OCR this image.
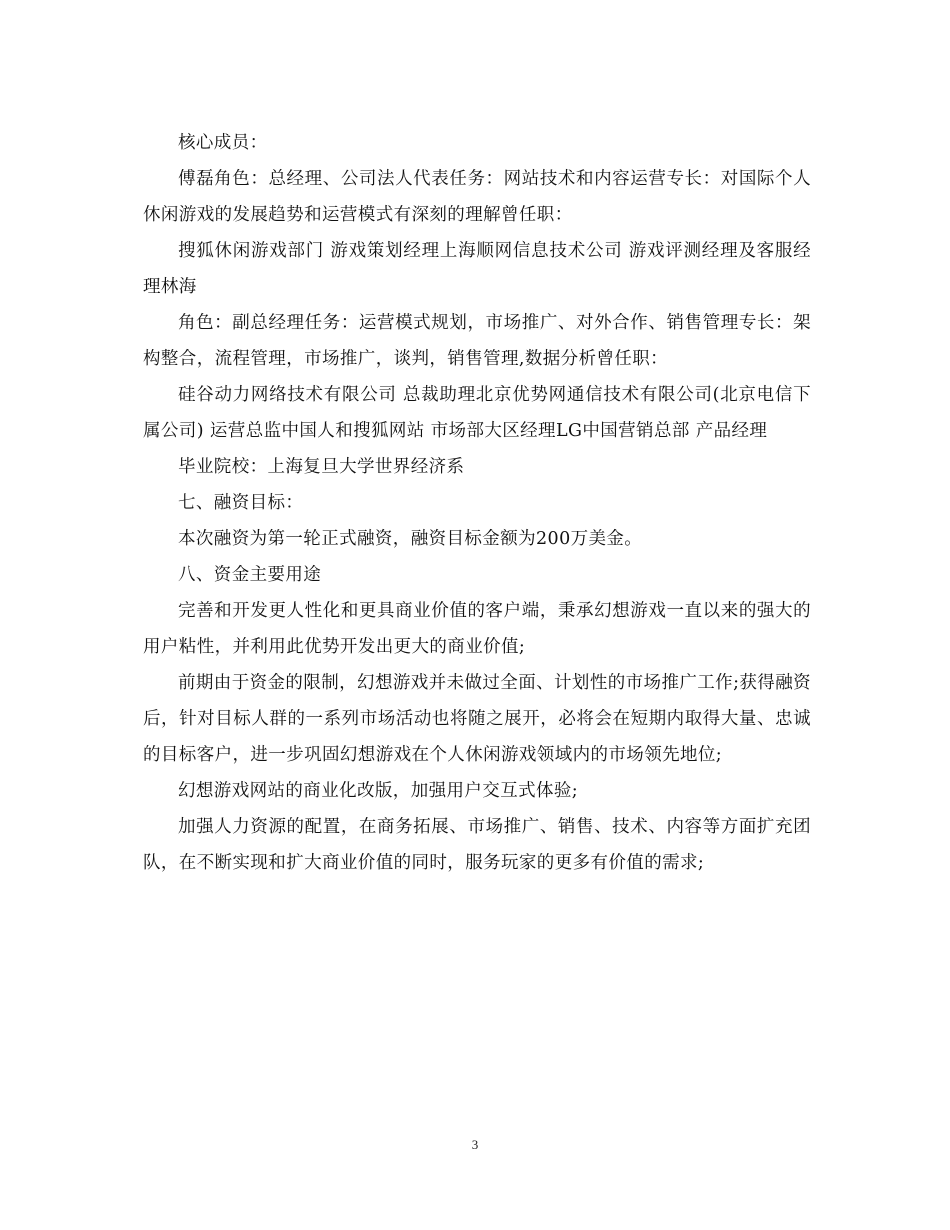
核心成员：

傅磊角色：总经理、公司法人代表任务：网站技术和内容运营专长：对国际个人休闲游戏的发展趋势和运营模式有深刻的理解曾任职：

搜狐休闲游戏部门 游戏策划经理上海顺网信息技术公司 游戏评测经理及客服经理林海

角色：副总经理任务：运营模式规划，市场推广、对外合作、销售管理专长：架构整合，流程管理，市场推广，谈判，销售管理,数据分析曾任职：

硅谷动力网络技术有限公司 总裁助理北京优势网通信技术有限公司(北京电信下属公司) 运营总监中国人和搜狐网站 市场部大区经理LG中国营销总部 产品经理

毕业院校：上海复旦大学世界经济系

七、融资目标：

本次融资为第一轮正式融资，融资目标金额为200万美金。

八、资金主要用途

完善和开发更人性化和更具商业价值的客户端，秉承幻想游戏一直以来的强大的用户粘性，并利用此优势开发出更大的商业价值;

前期由于资金的限制，幻想游戏并未做过全面、计划性的市场推广工作;获得融资后，针对目标人群的一系列市场活动也将随之展开，必将会在短期内取得大量、忠诚的目标客户，进一步巩固幻想游戏在个人休闲游戏领域内的市场领先地位;

幻想游戏网站的商业化改版，加强用户交互式体验;

加强人力资源的配置，在商务拓展、市场推广、销售、技术、内容等方面扩充团队，在不断实现和扩大商业价值的同时，服务玩家的更多有价值的需求;

3
